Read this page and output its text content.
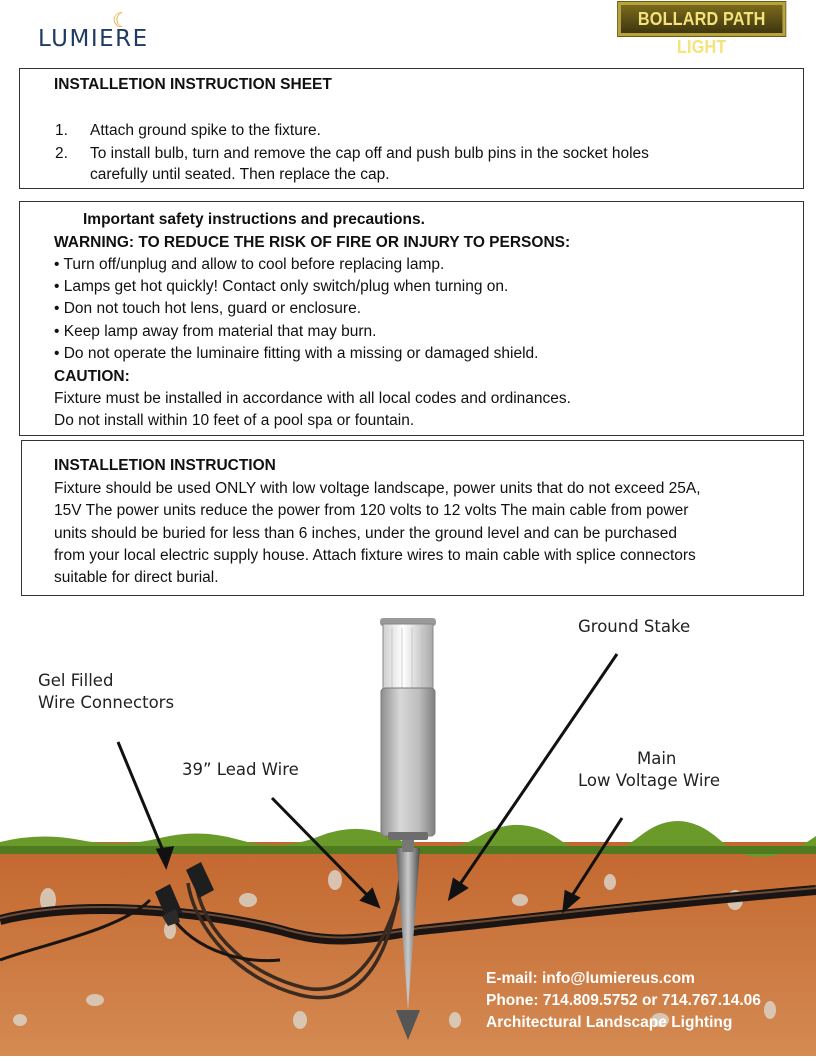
☾
LUMIERE
BOLLARD PATH LIGHT
INSTALLETION INSTRUCTION SHEET
1. Attach ground spike to the fixture.
2. To install bulb, turn and remove the cap off and push bulb pins in the socket holes
carefully until seated. Then replace the cap.
Important safety instructions and precautions.
WARNING: TO REDUCE THE RISK OF FIRE OR INJURY TO PERSONS:
• Turn off/unplug and allow to cool before replacing lamp.
• Lamps get hot quickly! Contact only switch/plug when turning on.
• Don not touch hot lens, guard or enclosure.
• Keep lamp away from material that may burn.
• Do not operate the luminaire fitting with a missing or damaged shield.
CAUTION:
Fixture must be installed in accordance with all local codes and ordinances.
Do not install within 10 feet of a pool spa or fountain.
INSTALLETION INSTRUCTION
Fixture should be used ONLY with low voltage landscape, power units that do not exceed 25A,
15V The power units reduce the power from 120 volts to 12 volts The main cable from power
units should be buried for less than 6 inches, under the ground level and can be purchased
from your local electric supply house. Attach fixture wires to main cable with splice connectors
suitable for direct burial.
Gel Filled
Wire Connectors
39” Lead Wire
Ground Stake
Main
Low Voltage Wire
E-mail: info@lumiereus.com
Phone: 714.809.5752 or 714.767.14.06
Architectural Landscape Lighting
